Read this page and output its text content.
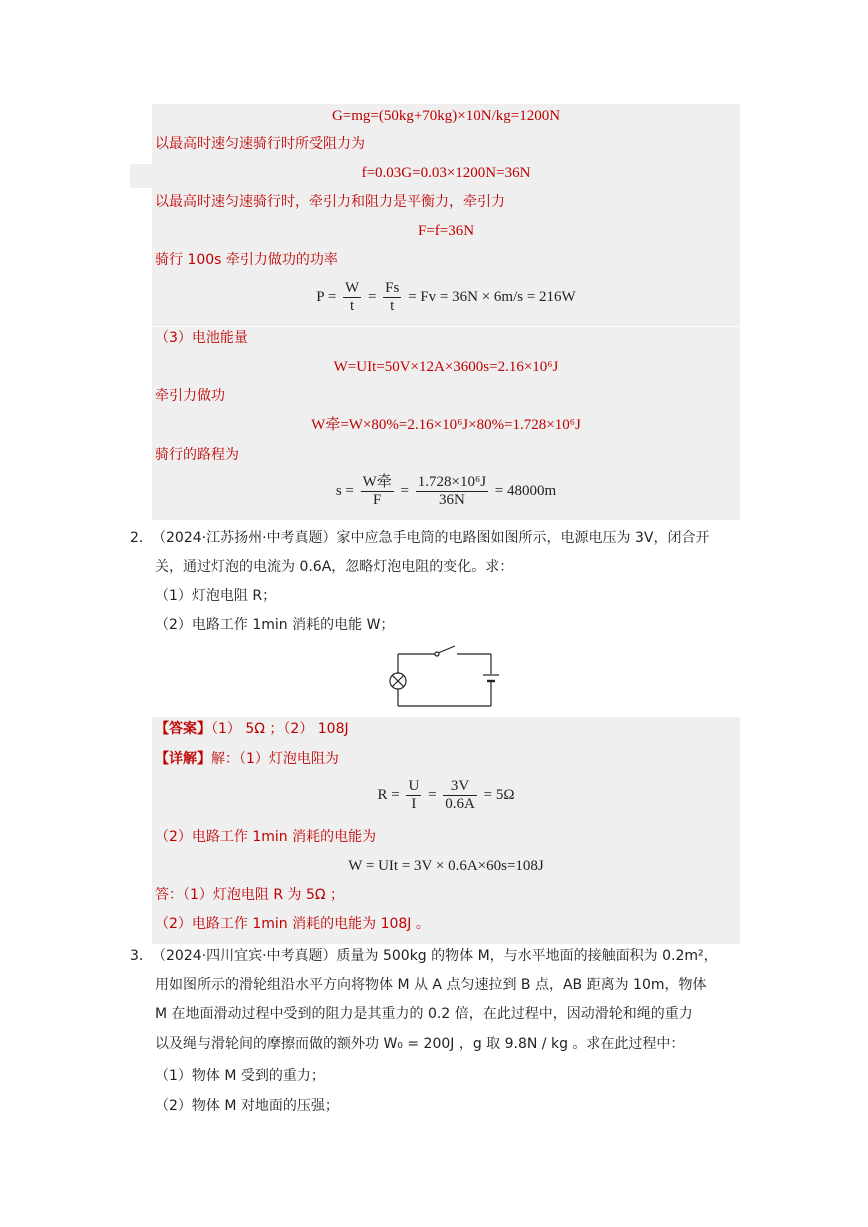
G=mg=(50kg+70kg)×10N/kg=1200N
以最高时速匀速骑行时所受阻力为
f=0.03G=0.03×1200N=36N
以最高时速匀速骑行时，牵引力和阻力是平衡力，牵引力
F=f=36N
骑行 100s 牵引力做功的功率
$P = \frac{W}{t} = \frac{Fs}{t} = Fv = 36N \times 6m/s = 216W$
（3）电池能量
W=UIt=50V×12A×3600s=2.16×10⁶J
牵引力做功
W牵=W×80%=2.16×10⁶J×80%=1.728×10⁶J
骑行的路程为
$s = \frac{\text{W牵}}{F} = \frac{\text{1.728×10⁶J}}{36N} = 48000m$
2． （2024·江苏扬州·中考真题）家中应急手电筒的电路图如图所示，电源电压为 3V，闭合开
关，通过灯泡的电流为 0.6A，忽略灯泡电阻的变化。求：
（1）灯泡电阻 R；
（2）电路工作 1min 消耗的电能 W；
【答案】（1） 5Ω ；（2） 108J
【详解】解：（1）灯泡电阻为
$R = \frac{U}{I} = \frac{3V}{0.6A} = 5\Omega$
（2）电路工作 1min 消耗的电能为
W = UIt = 3V × 0.6A×60s=108J
答：（1）灯泡电阻 R 为 5Ω ；
（2）电路工作 1min 消耗的电能为 108J 。
3． （2024·四川宜宾·中考真题）质量为 500kg 的物体 M，与水平地面的接触面积为 0.2m²，
用如图所示的滑轮组沿水平方向将物体 M 从 A 点匀速拉到 B 点，AB 距离为 10m，物体
M 在地面滑动过程中受到的阻力是其重力的 0.2 倍，在此过程中，因动滑轮和绳的重力
以及绳与滑轮间的摩擦而做的额外功 W₀ = 200J ，g 取 9.8N / kg 。求在此过程中：
（1）物体 M 受到的重力；
（2）物体 M 对地面的压强；
